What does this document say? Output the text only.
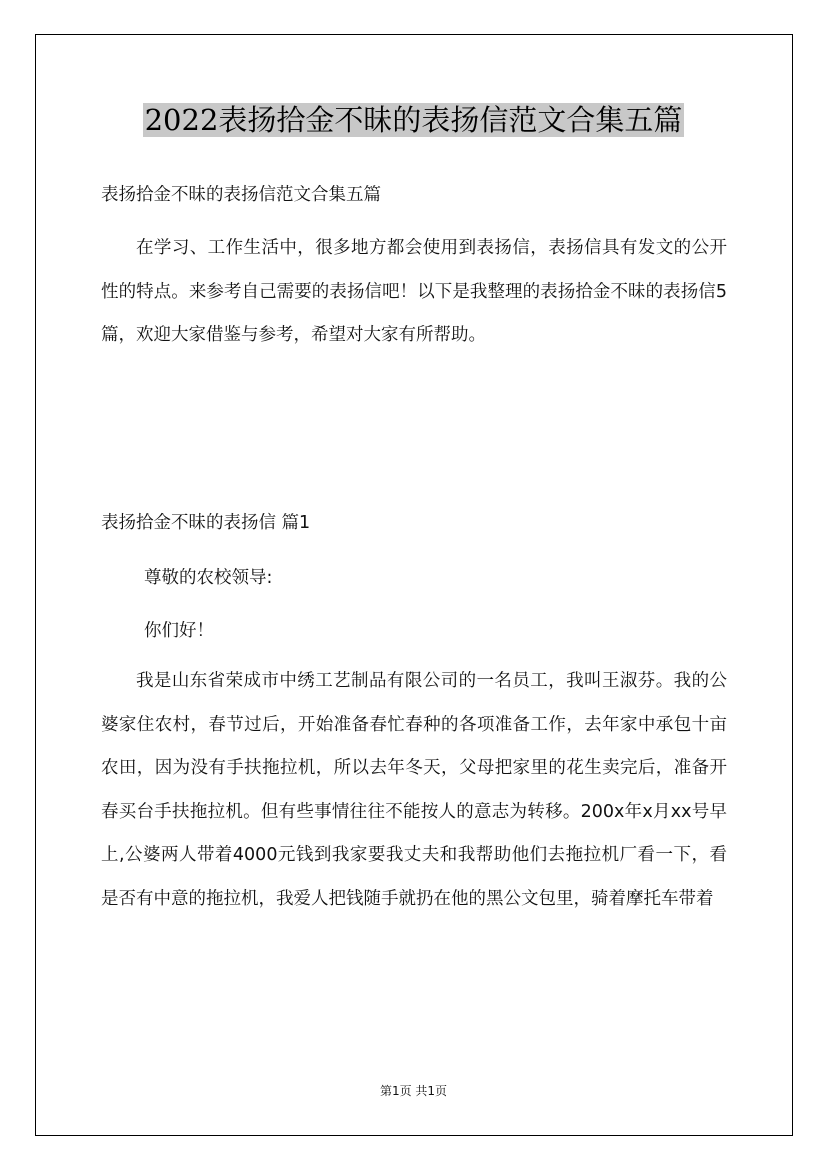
2022表扬拾金不昧的表扬信范文合集五篇
表扬拾金不昧的表扬信范文合集五篇

在学习、工作生活中，很多地方都会使用到表扬信，表扬信具有发文的公开性的特点。来参考自己需要的表扬信吧！以下是我整理的表扬拾金不昧的表扬信5篇，欢迎大家借鉴与参考，希望对大家有所帮助。

表扬拾金不昧的表扬信 篇1
尊敬的农校领导:
你们好！

我是山东省荣成市中绣工艺制品有限公司的一名员工，我叫王淑芬。我的公婆家住农村，春节过后，开始准备春忙春种的各项准备工作，去年家中承包十亩农田，因为没有手扶拖拉机，所以去年冬天，父母把家里的花生卖完后，准备开春买台手扶拖拉机。但有些事情往往不能按人的意志为转移。200x年x月xx号早上,公婆两人带着4000元钱到我家要我丈夫和我帮助他们去拖拉机厂看一下，看是否有中意的拖拉机，我爱人把钱随手就扔在他的黑公文包里，骑着摩托车带着

第1页 共1页
